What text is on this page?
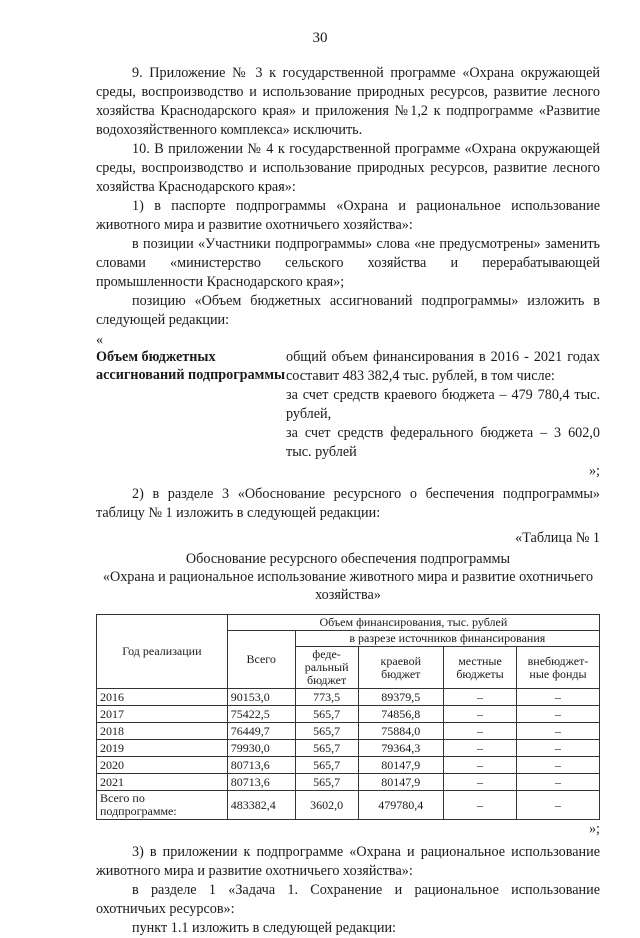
30

9. Приложение № 3 к государственной программе «Охрана окружающей среды, воспроизводство и использование природных ресурсов, развитие лесного хозяйства Краснодарского края» и приложения №1,2 к подпрограмме «Развитие водохозяйственного комплекса» исключить.

10. В приложении № 4 к государственной программе «Охрана окружающей среды, воспроизводство и использование природных ресурсов, развитие лесного хозяйства Краснодарского края»:

1) в паспорте подпрограммы «Охрана и рациональное использование животного мира и развитие охотничьего хозяйства»:

в позиции «Участники подпрограммы» слова «не предусмотрены» заменить словами «министерство сельского хозяйства и перерабатывающей промышленности Краснодарского края»;

позицию «Объем бюджетных ассигнований подпрограммы» изложить в следующей редакции:

«

Объем бюджетных ассигнований подпрограммы

общий объем финансирования в 2016 - 2021 годах составит 483 382,4 тыс. рублей, в том числе:

за счет средств краевого бюджета – 479 780,4 тыс. рублей,

за счет средств федерального бюджета – 3 602,0 тыс. рублей

»;

2) в разделе 3 «Обоснование ресурсного о беспечения подпрограммы» таблицу № 1 изложить в следующей редакции:

«Таблица № 1

Обоснование ресурсного обеспечения подпрограммы
«Охрана и рациональное использование животного мира и развитие охотничьего хозяйства»
Год реализации	Объем финансирования, тыс. рублей				
	Всего	в разрезе источников финансирования			
		феде-ральный бюджет	краевой бюджет	местные бюджеты	внебюджет-ные фонды
2016	90153,0	773,5	89379,5	–	–
2017	75422,5	565,7	74856,8	–	–
2018	76449,7	565,7	75884,0	–	–
2019	79930,0	565,7	79364,3	–	–
2020	80713,6	565,7	80147,9	–	–
2021	80713,6	565,7	80147,9	–	–
Всего по подпрограмме:	483382,4	3602,0	479780,4	–	–

»;

3) в приложении к подпрограмме «Охрана и рациональное использование животного мира и развитие охотничьего хозяйства»:

в разделе 1 «Задача 1. Сохранение и рациональное использование охотничьих ресурсов»:

пункт 1.1 изложить в следующей редакции:
